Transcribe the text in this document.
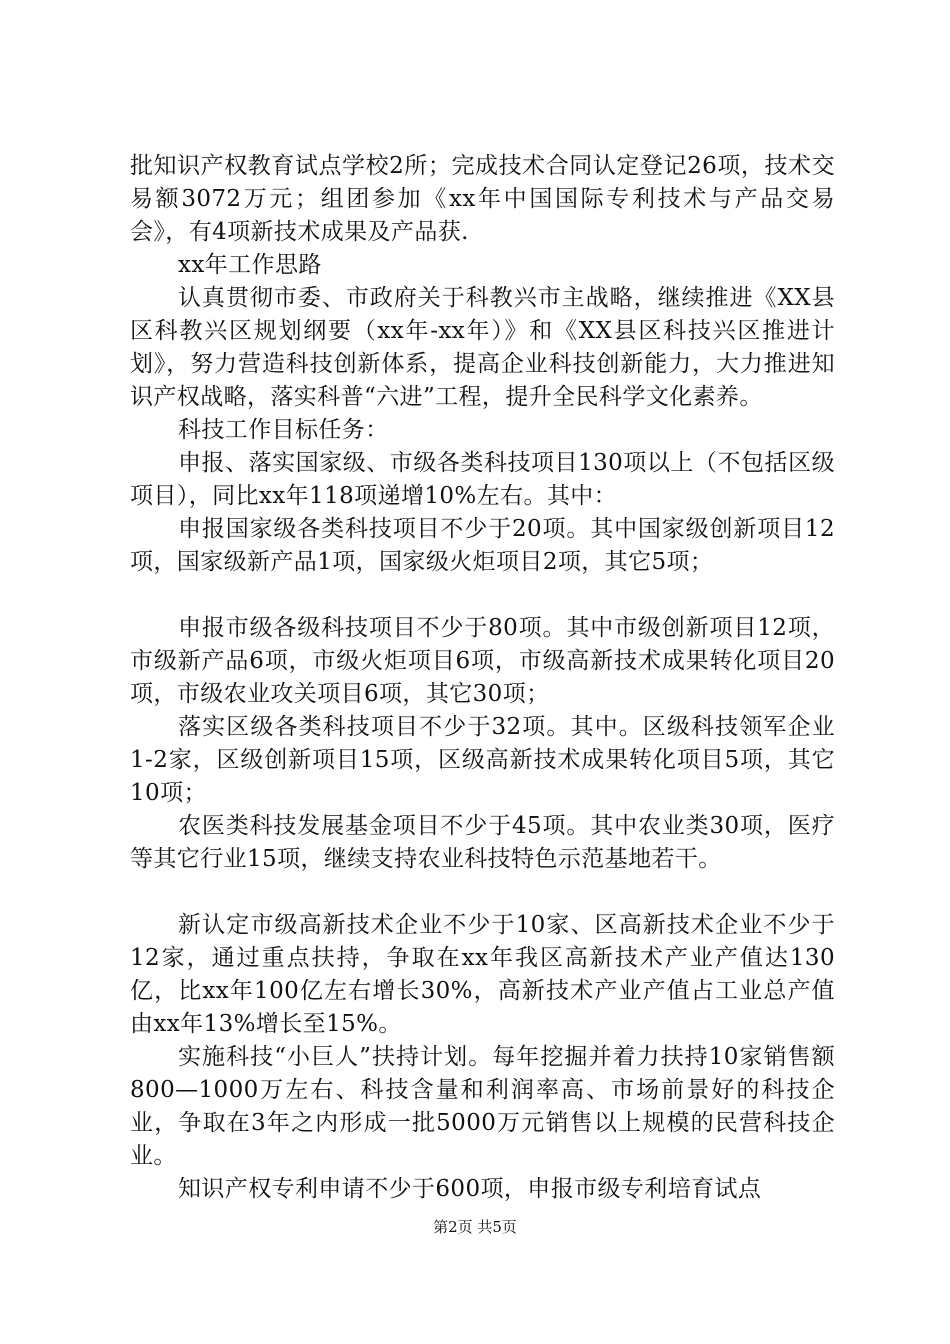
批知识产权教育试点学校2所；完成技术合同认定登记26项，技术交易额3072万元；组团参加《xx年中国国际专利技术与产品交易会》，有4项新技术成果及产品获.

xx年工作思路

认真贯彻市委、市政府关于科教兴市主战略，继续推进《XX县区科教兴区规划纲要（xx年-xx年）》和《XX县区科技兴区推进计划》，努力营造科技创新体系，提高企业科技创新能力，大力推进知识产权战略，落实科普“六进”工程，提升全民科学文化素养。

科技工作目标任务：

申报、落实国家级、市级各类科技项目130项以上（不包括区级项目），同比xx年118项递增10%左右。其中：

申报国家级各类科技项目不少于20项。其中国家级创新项目12项，国家级新产品1项，国家级火炬项目2项，其它5项；

申报市级各级科技项目不少于80项。其中市级创新项目12项，市级新产品6项，市级火炬项目6项，市级高新技术成果转化项目20项，市级农业攻关项目6项，其它30项；

落实区级各类科技项目不少于32项。其中。区级科技领军企业1-2家，区级创新项目15项，区级高新技术成果转化项目5项，其它10项；

农医类科技发展基金项目不少于45项。其中农业类30项，医疗等其它行业15项，继续支持农业科技特色示范基地若干。

新认定市级高新技术企业不少于10家、区高新技术企业不少于12家，通过重点扶持，争取在xx年我区高新技术产业产值达130亿，比xx年100亿左右增长30%，高新技术产业产值占工业总产值由xx年13%增长至15%。

实施科技“小巨人”扶持计划。每年挖掘并着力扶持10家销售额800—1000万左右、科技含量和利润率高、市场前景好的科技企业，争取在3年之内形成一批5000万元销售以上规模的民营科技企业。

知识产权专利申请不少于600项，申报市级专利培育试点

第2页 共5页
